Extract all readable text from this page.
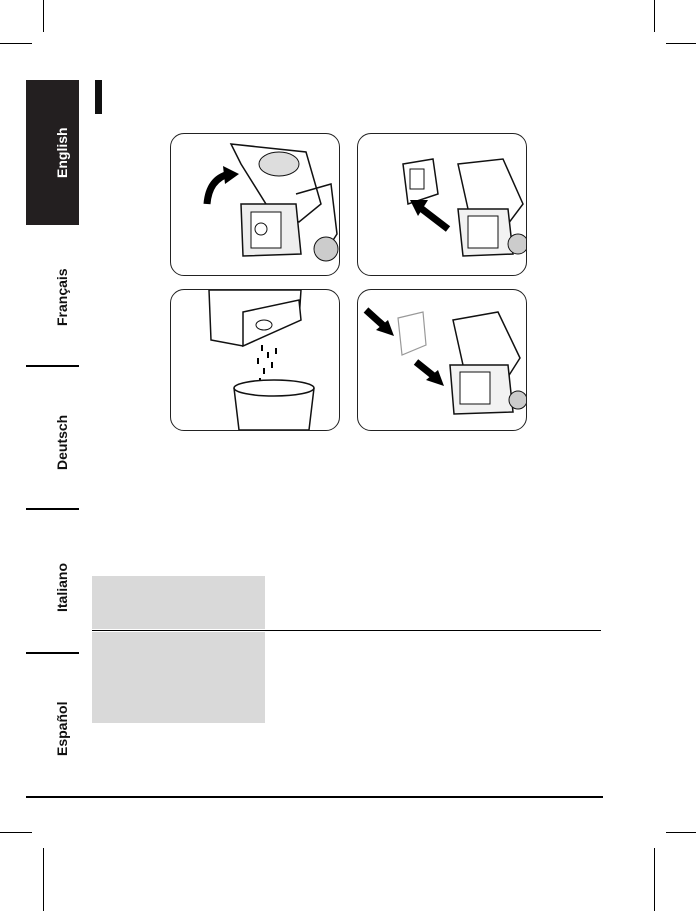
English
Français
Deutsch
Italiano
Español
